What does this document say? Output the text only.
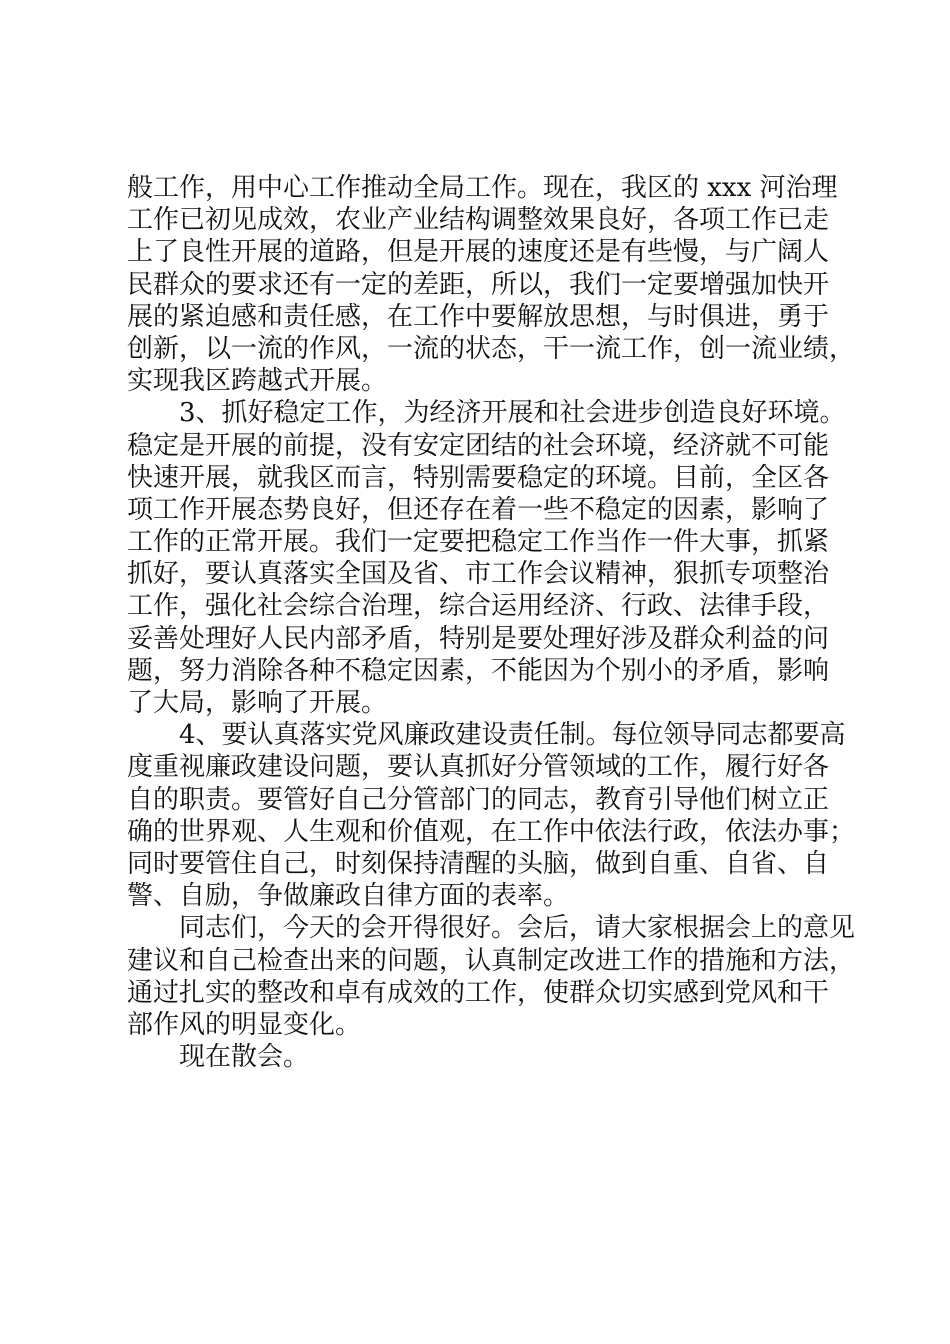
般工作，用中心工作推动全局工作。现在，我区的 xxx 河治理
工作已初见成效，农业产业结构调整效果良好，各项工作已走
上了良性开展的道路，但是开展的速度还是有些慢，与广阔人
民群众的要求还有一定的差距，所以，我们一定要增强加快开
展的紧迫感和责任感，在工作中要解放思想，与时俱进，勇于
创新，以一流的作风，一流的状态，干一流工作，创一流业绩，
实现我区跨越式开展。
3、抓好稳定工作，为经济开展和社会进步创造良好环境。
稳定是开展的前提，没有安定团结的社会环境，经济就不可能
快速开展，就我区而言，特别需要稳定的环境。目前，全区各
项工作开展态势良好，但还存在着一些不稳定的因素，影响了
工作的正常开展。我们一定要把稳定工作当作一件大事，抓紧
抓好，要认真落实全国及省、市工作会议精神，狠抓专项整治
工作，强化社会综合治理，综合运用经济、行政、法律手段，
妥善处理好人民内部矛盾，特别是要处理好涉及群众利益的问
题，努力消除各种不稳定因素，不能因为个别小的矛盾，影响
了大局，影响了开展。
4、要认真落实党风廉政建设责任制。每位领导同志都要高
度重视廉政建设问题，要认真抓好分管领域的工作，履行好各
自的职责。要管好自己分管部门的同志，教育引导他们树立正
确的世界观、人生观和价值观，在工作中依法行政，依法办事；
同时要管住自己，时刻保持清醒的头脑，做到自重、自省、自
警、自励，争做廉政自律方面的表率。
同志们，今天的会开得很好。会后，请大家根据会上的意见
建议和自己检查出来的问题，认真制定改进工作的措施和方法，
通过扎实的整改和卓有成效的工作，使群众切实感到党风和干
部作风的明显变化。
现在散会。
